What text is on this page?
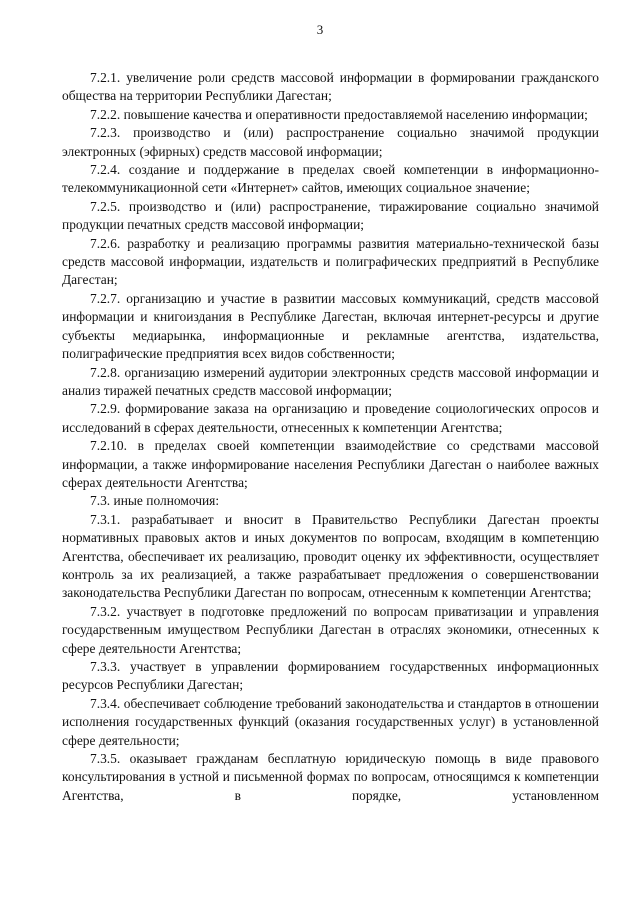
3

7.2.1. увеличение роли средств массовой информации в формировании гражданского общества на территории Республики Дагестан;

7.2.2. повышение качества и оперативности предоставляемой населению информации;

7.2.3. производство и (или) распространение социально значимой продукции электронных (эфирных) средств массовой информации;

7.2.4. создание и поддержание в пределах своей компетенции в информационно-телекоммуникационной сети «Интернет» сайтов, имеющих социальное значение;

7.2.5. производство и (или) распространение, тиражирование социально значимой продукции печатных средств массовой информации;

7.2.6. разработку и реализацию программы развития материально-технической базы средств массовой информации, издательств и полиграфических предприятий в Республике Дагестан;

7.2.7. организацию и участие в развитии массовых коммуникаций, средств массовой информации и книгоиздания в Республике Дагестан, включая интернет-ресурсы и другие субъекты медиарынка, информационные и рекламные агентства, издательства, полиграфические предприятия всех видов собственности;

7.2.8. организацию измерений аудитории электронных средств массовой информации и анализ тиражей печатных средств массовой информации;

7.2.9. формирование заказа на организацию и проведение социологических опросов и исследований в сферах деятельности, отнесенных к компетенции Агентства;

7.2.10. в пределах своей компетенции взаимодействие со средствами массовой информации, а также информирование населения Республики Дагестан о наиболее важных сферах деятельности Агентства;

7.3. иные полномочия:

7.3.1. разрабатывает и вносит в Правительство Республики Дагестан проекты нормативных правовых актов и иных документов по вопросам, входящим в компетенцию Агентства, обеспечивает их реализацию, проводит оценку их эффективности, осуществляет контроль за их реализацией, а также разрабатывает предложения о совершенствовании законодательства Республики Дагестан по вопросам, отнесенным к компетенции Агентства;

7.3.2. участвует в подготовке предложений по вопросам приватизации и управления государственным имуществом Республики Дагестан в отраслях экономики, отнесенных к сфере деятельности Агентства;

7.3.3. участвует в управлении формированием государственных информационных ресурсов Республики Дагестан;

7.3.4. обеспечивает соблюдение требований законодательства и стандартов в отношении исполнения государственных функций (оказания государственных услуг) в установленной сфере деятельности;

7.3.5. оказывает гражданам бесплатную юридическую помощь в виде правового консультирования в устной и письменной формах по вопросам, относящимся к компетенции Агентства, в порядке, установленном
